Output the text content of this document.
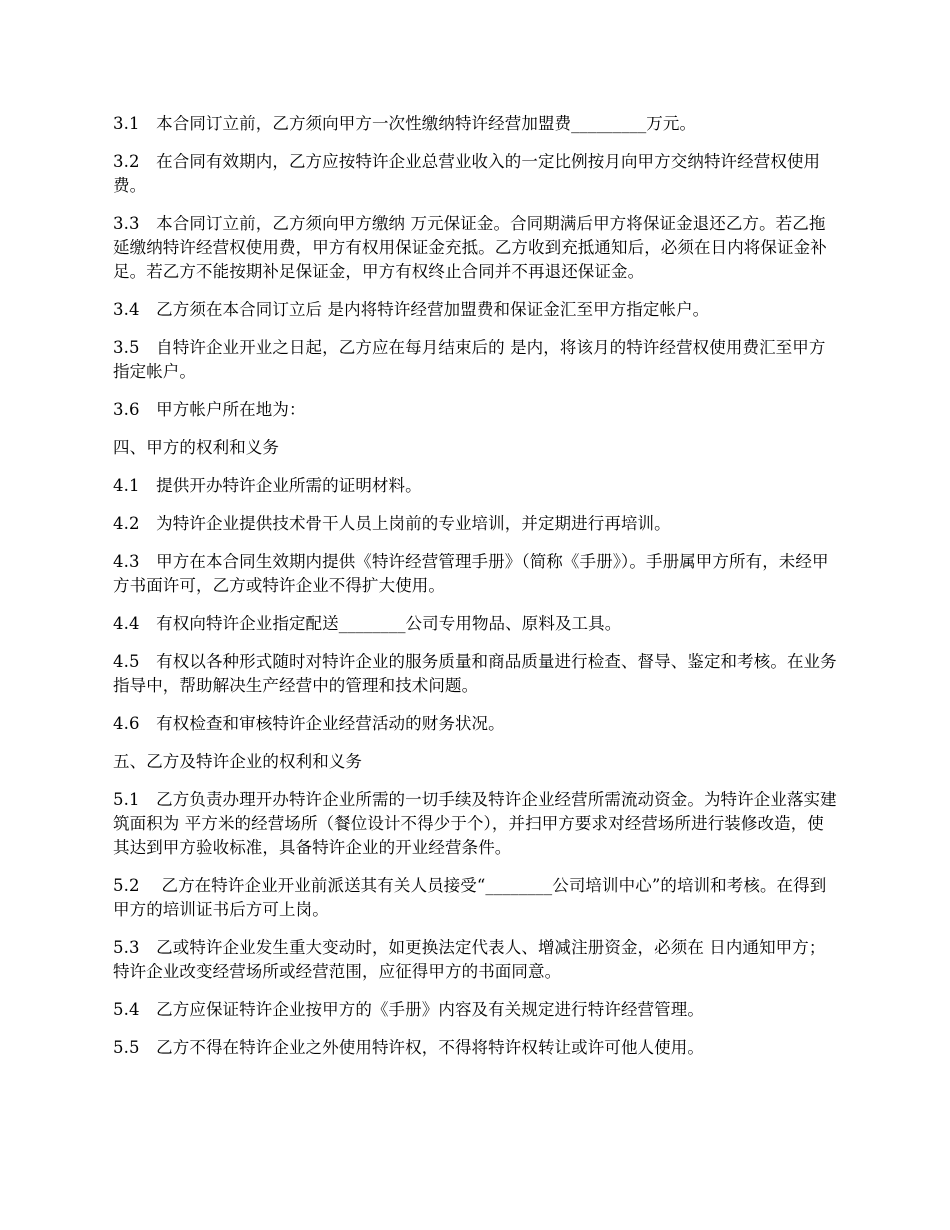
3.1　本合同订立前，乙方须向甲方一次性缴纳特许经营加盟费_________万元。

3.2　在合同有效期内，乙方应按特许企业总营业收入的一定比例按月向甲方交纳特许经营权使用费。

3.3　本合同订立前，乙方须向甲方缴纳 万元保证金。合同期满后甲方将保证金退还乙方。若乙拖延缴纳特许经营权使用费，甲方有权用保证金充抵。乙方收到充抵通知后，必须在日内将保证金补足。若乙方不能按期补足保证金，甲方有权终止合同并不再退还保证金。

3.4　乙方须在本合同订立后 是内将特许经营加盟费和保证金汇至甲方指定帐户。

3.5　自特许企业开业之日起，乙方应在每月结束后的 是内，将该月的特许经营权使用费汇至甲方指定帐户。

3.6　甲方帐户所在地为：

四、甲方的权利和义务

4.1　提供开办特许企业所需的证明材料。

4.2　为特许企业提供技术骨干人员上岗前的专业培训，并定期进行再培训。

4.3　甲方在本合同生效期内提供《特许经营管理手册》（简称《手册》）。手册属甲方所有，未经甲方书面许可，乙方或特许企业不得扩大使用。

4.4　有权向特许企业指定配送________公司专用物品、原料及工具。

4.5　有权以各种形式随时对特许企业的服务质量和商品质量进行检查、督导、鉴定和考核。在业务指导中，帮助解决生产经营中的管理和技术问题。

4.6　有权检查和审核特许企业经营活动的财务状况。

五、乙方及特许企业的权利和义务

5.1　乙方负责办理开办特许企业所需的一切手续及特许企业经营所需流动资金。为特许企业落实建筑面积为 平方米的经营场所（餐位设计不得少于个），并扫甲方要求对经营场所进行装修改造，使其达到甲方验收标准，具备特许企业的开业经营条件。

5.2　 乙方在特许企业开业前派送其有关人员接受“________公司培训中心”的培训和考核。在得到甲方的培训证书后方可上岗。

5.3　乙或特许企业发生重大变动时，如更换法定代表人、增减注册资金，必须在 日内通知甲方；特许企业改变经营场所或经营范围，应征得甲方的书面同意。

5.4　乙方应保证特许企业按甲方的《手册》内容及有关规定进行特许经营管理。

5.5　乙方不得在特许企业之外使用特许权，不得将特许权转让或许可他人使用。
